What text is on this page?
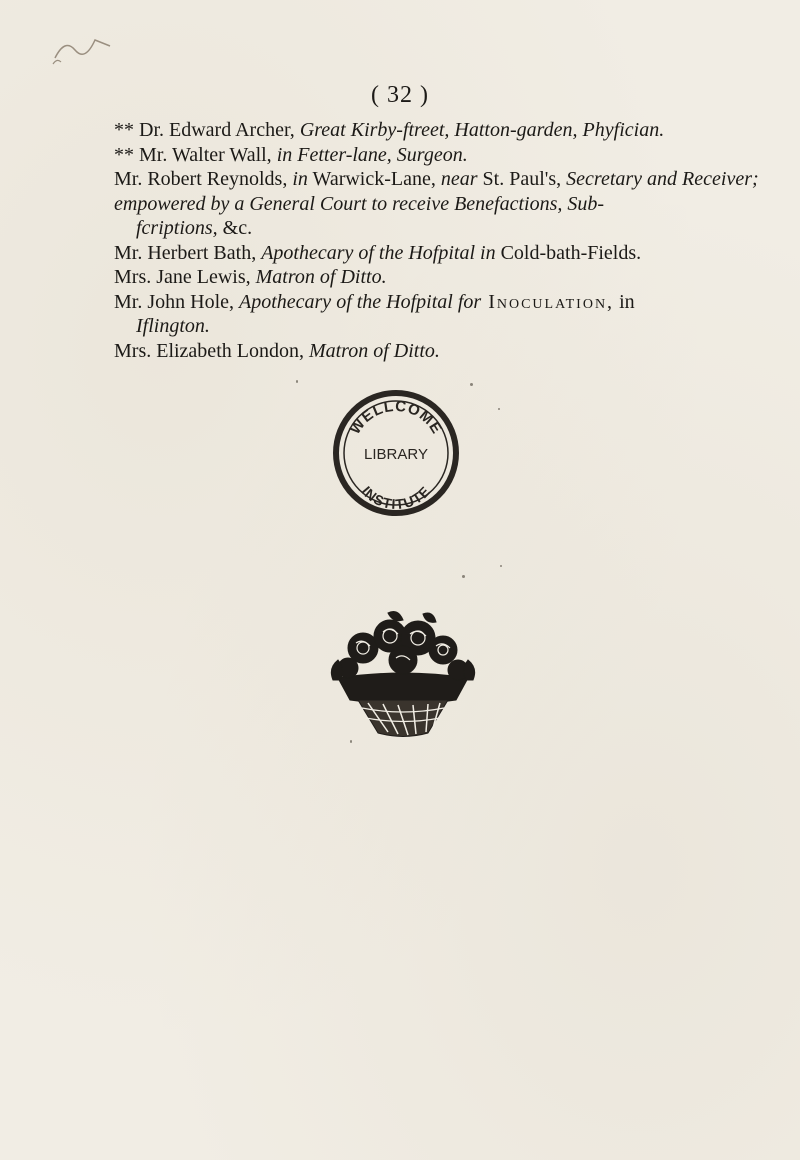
( 32 )

** Dr. Edward Archer, Great Kirby-ftreet, Hatton-garden, Phyfician.

** Mr. Walter Wall, in Fetter-lane, Surgeon.

Mr. Robert Reynolds, in Warwick-Lane, near St. Paul's, Secretary and Receiver; empowered by a General Court to receive Benefactions, Sub-
fcriptions, &c.

Mr. Herbert Bath, Apothecary of the Hofpital in Cold-bath-Fields.

Mrs. Jane Lewis, Matron of Ditto.

Mr. John Hole, Apothecary of the Hofpital for Inoculation, in
Iflington.

Mrs. Elizabeth London, Matron of Ditto.

WELLCOME
LIBRARY
INSTITUTE
